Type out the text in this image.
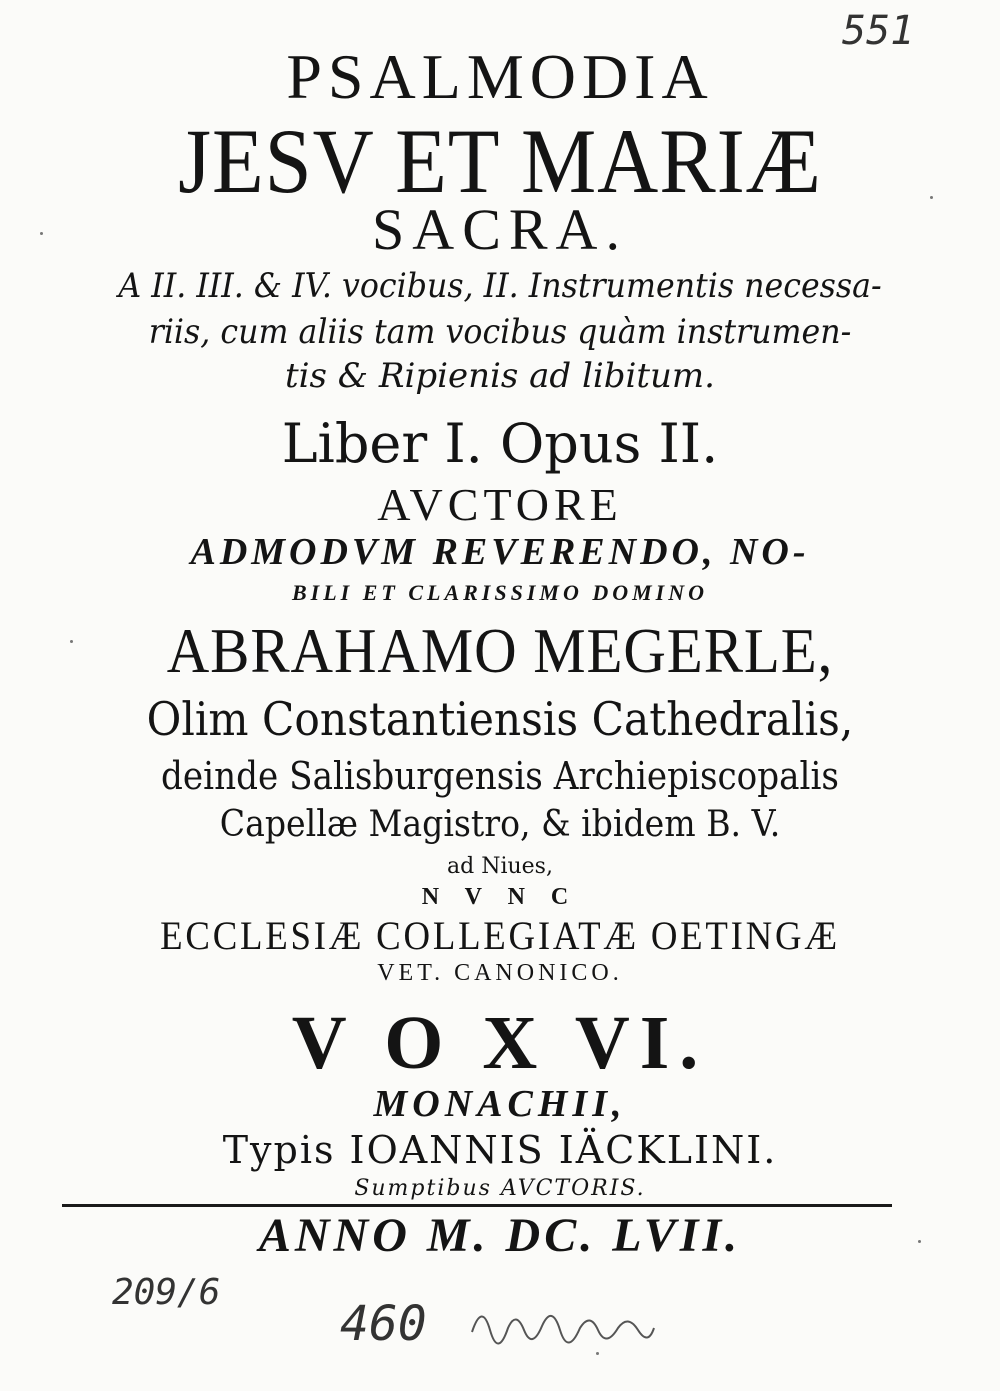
551
PSALMODIA
JESV ET MARIÆ
SACRA.
A II. III. & IV. vocibus, II. Instrumentis necessa-
riis, cum aliis tam vocibus quàm instrumen-
tis & Ripienis ad libitum.
Liber I. Opus II.
AVCTORE
ADMODVM REVERENDO, NO-
BILI ET CLARISSIMO DOMINO
ABRAHAMO MEGERLE,
Olim Constantiensis Cathedralis,
deinde Salisburgensis Archiepiscopalis
Capellæ Magistro, & ibidem B. V.
ad Niues,
N V N C
ECCLESIÆ COLLEGIATÆ OETINGÆ
VET. CANONICO.
V O X VI.
MONACHII,
Typis IOANNIS IÄCKLINI.
Sumptibus AVCTORIS.
ANNO M. DC. LVII.
209/6
460
